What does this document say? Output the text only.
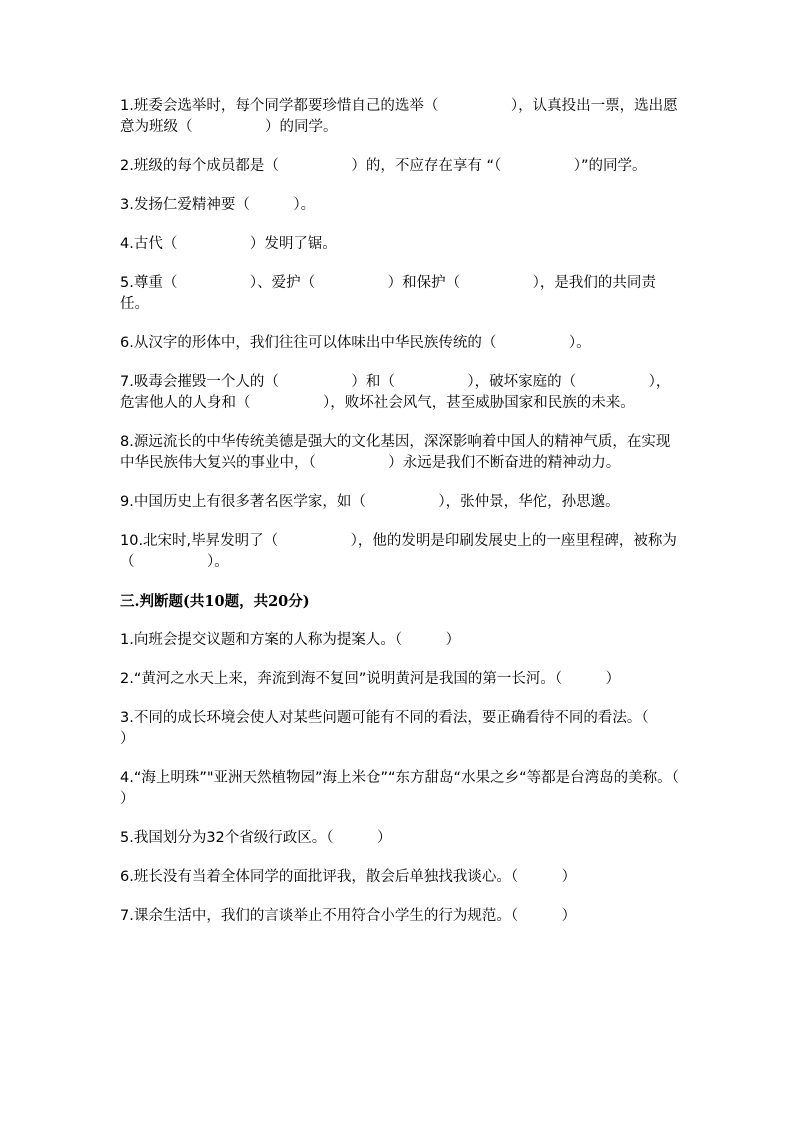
1.班委会选举时，每个同学都要珍惜自己的选举（　　　　　），认真投出一票，选出愿意为班级（　　　　　）的同学。

2.班级的每个成员都是（　　　　　）的，不应存在享有 “（　　　　　）”的同学。

3.发扬仁爱精神要（　　　）。

4.古代（　　　　　）发明了锯。

5.尊重（　　　　　）、爱护（　　　　　）和保护（　　　　　），是我们的共同责任。

6.从汉字的形体中，我们往往可以体味出中华民族传统的（　　　　　）。

7.吸毒会摧毁一个人的（　　　　　）和（　　　　　），破坏家庭的（　　　　　），危害他人的人身和（　　　　　），败坏社会风气，甚至威胁国家和民族的未来。

8.源远流长的中华传统美德是强大的文化基因，深深影响着中国人的精神气质，在实现中华民族伟大复兴的事业中，（　　　　　）永远是我们不断奋进的精神动力。

9.中国历史上有很多著名医学家，如（　　　　　），张仲景，华佗，孙思邈。

10.北宋时,毕昇发明了（　　　　　），他的发明是印刷发展史上的一座里程碑，被称为（　　　　　）。

三.判断题(共10题，共20分)

1.向班会提交议题和方案的人称为提案人。（　　　）

2.“黄河之水天上来，奔流到海不复回”说明黄河是我国的第一长河。（　　　）

3.不同的成长环境会使人对某些问题可能有不同的看法，要正确看待不同的看法。（　　　）

4.“海上明珠”"亚洲天然植物园”海上米仓”“东方甜岛“水果之乡“等都是台湾岛的美称。（　　　）

5.我国划分为32个省级行政区。（　　　）

6.班长没有当着全体同学的面批评我，散会后单独找我谈心。（　　　）

7.课余生活中，我们的言谈举止不用符合小学生的行为规范。（　　　）
